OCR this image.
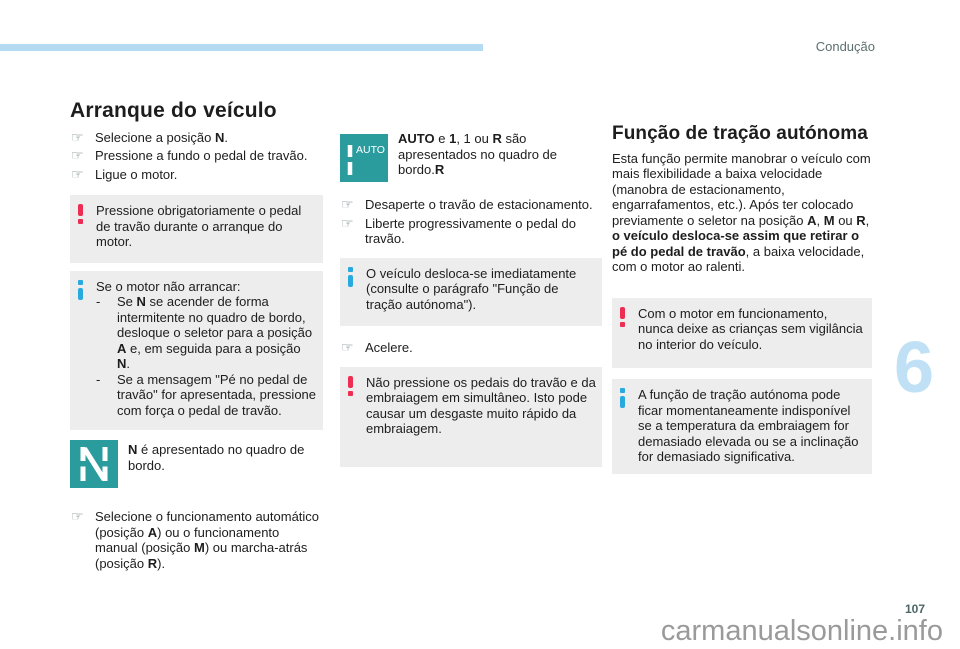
Condução
6
107
carmanualsonline.info
Arranque do veículo
☞ Selecione a posição N.
☞ Pressione a fundo o pedal de travão.
☞ Ligue o motor.
Pressione obrigatoriamente o pedal de travão durante o arranque do motor.
Se o motor não arrancar:
-	Se N se acender de forma intermitente no quadro de bordo, desloque o seletor para a posição A e, em seguida para a posição N.
-	Se a mensagem "Pé no pedal de travão" for apresentada, pressione com força o pedal de travão.
N é apresentado no quadro de bordo.
☞ Selecione o funcionamento automático (posição A) ou o funcionamento manual (posição M) ou marcha-atrás (posição R).
AUTO
AUTO e 1, 1 ou R são apresentados no quadro de bordo.R
☞ Desaperte o travão de estacionamento.
☞ Liberte progressivamente o pedal do travão.
O veículo desloca-se imediatamente (consulte o parágrafo "Função de tração autónoma").
☞ Acelere.
Não pressione os pedais do travão e da embraiagem em simultâneo. Isto pode causar um desgaste muito rápido da embraiagem.
Função de tração autónoma
Esta função permite manobrar o veículo com mais flexibilidade a baixa velocidade (manobra de estacionamento, engarrafamentos, etc.). Após ter colocado previamente o seletor na posição A, M ou R, o veículo desloca-se assim que retirar o pé do pedal de travão, a baixa velocidade, com o motor ao ralenti.
Com o motor em funcionamento, nunca deixe as crianças sem vigilância no interior do veículo.
A função de tração autónoma pode ficar momentaneamente indisponível se a temperatura da embraiagem for demasiado elevada ou se a inclinação for demasiado significativa.
